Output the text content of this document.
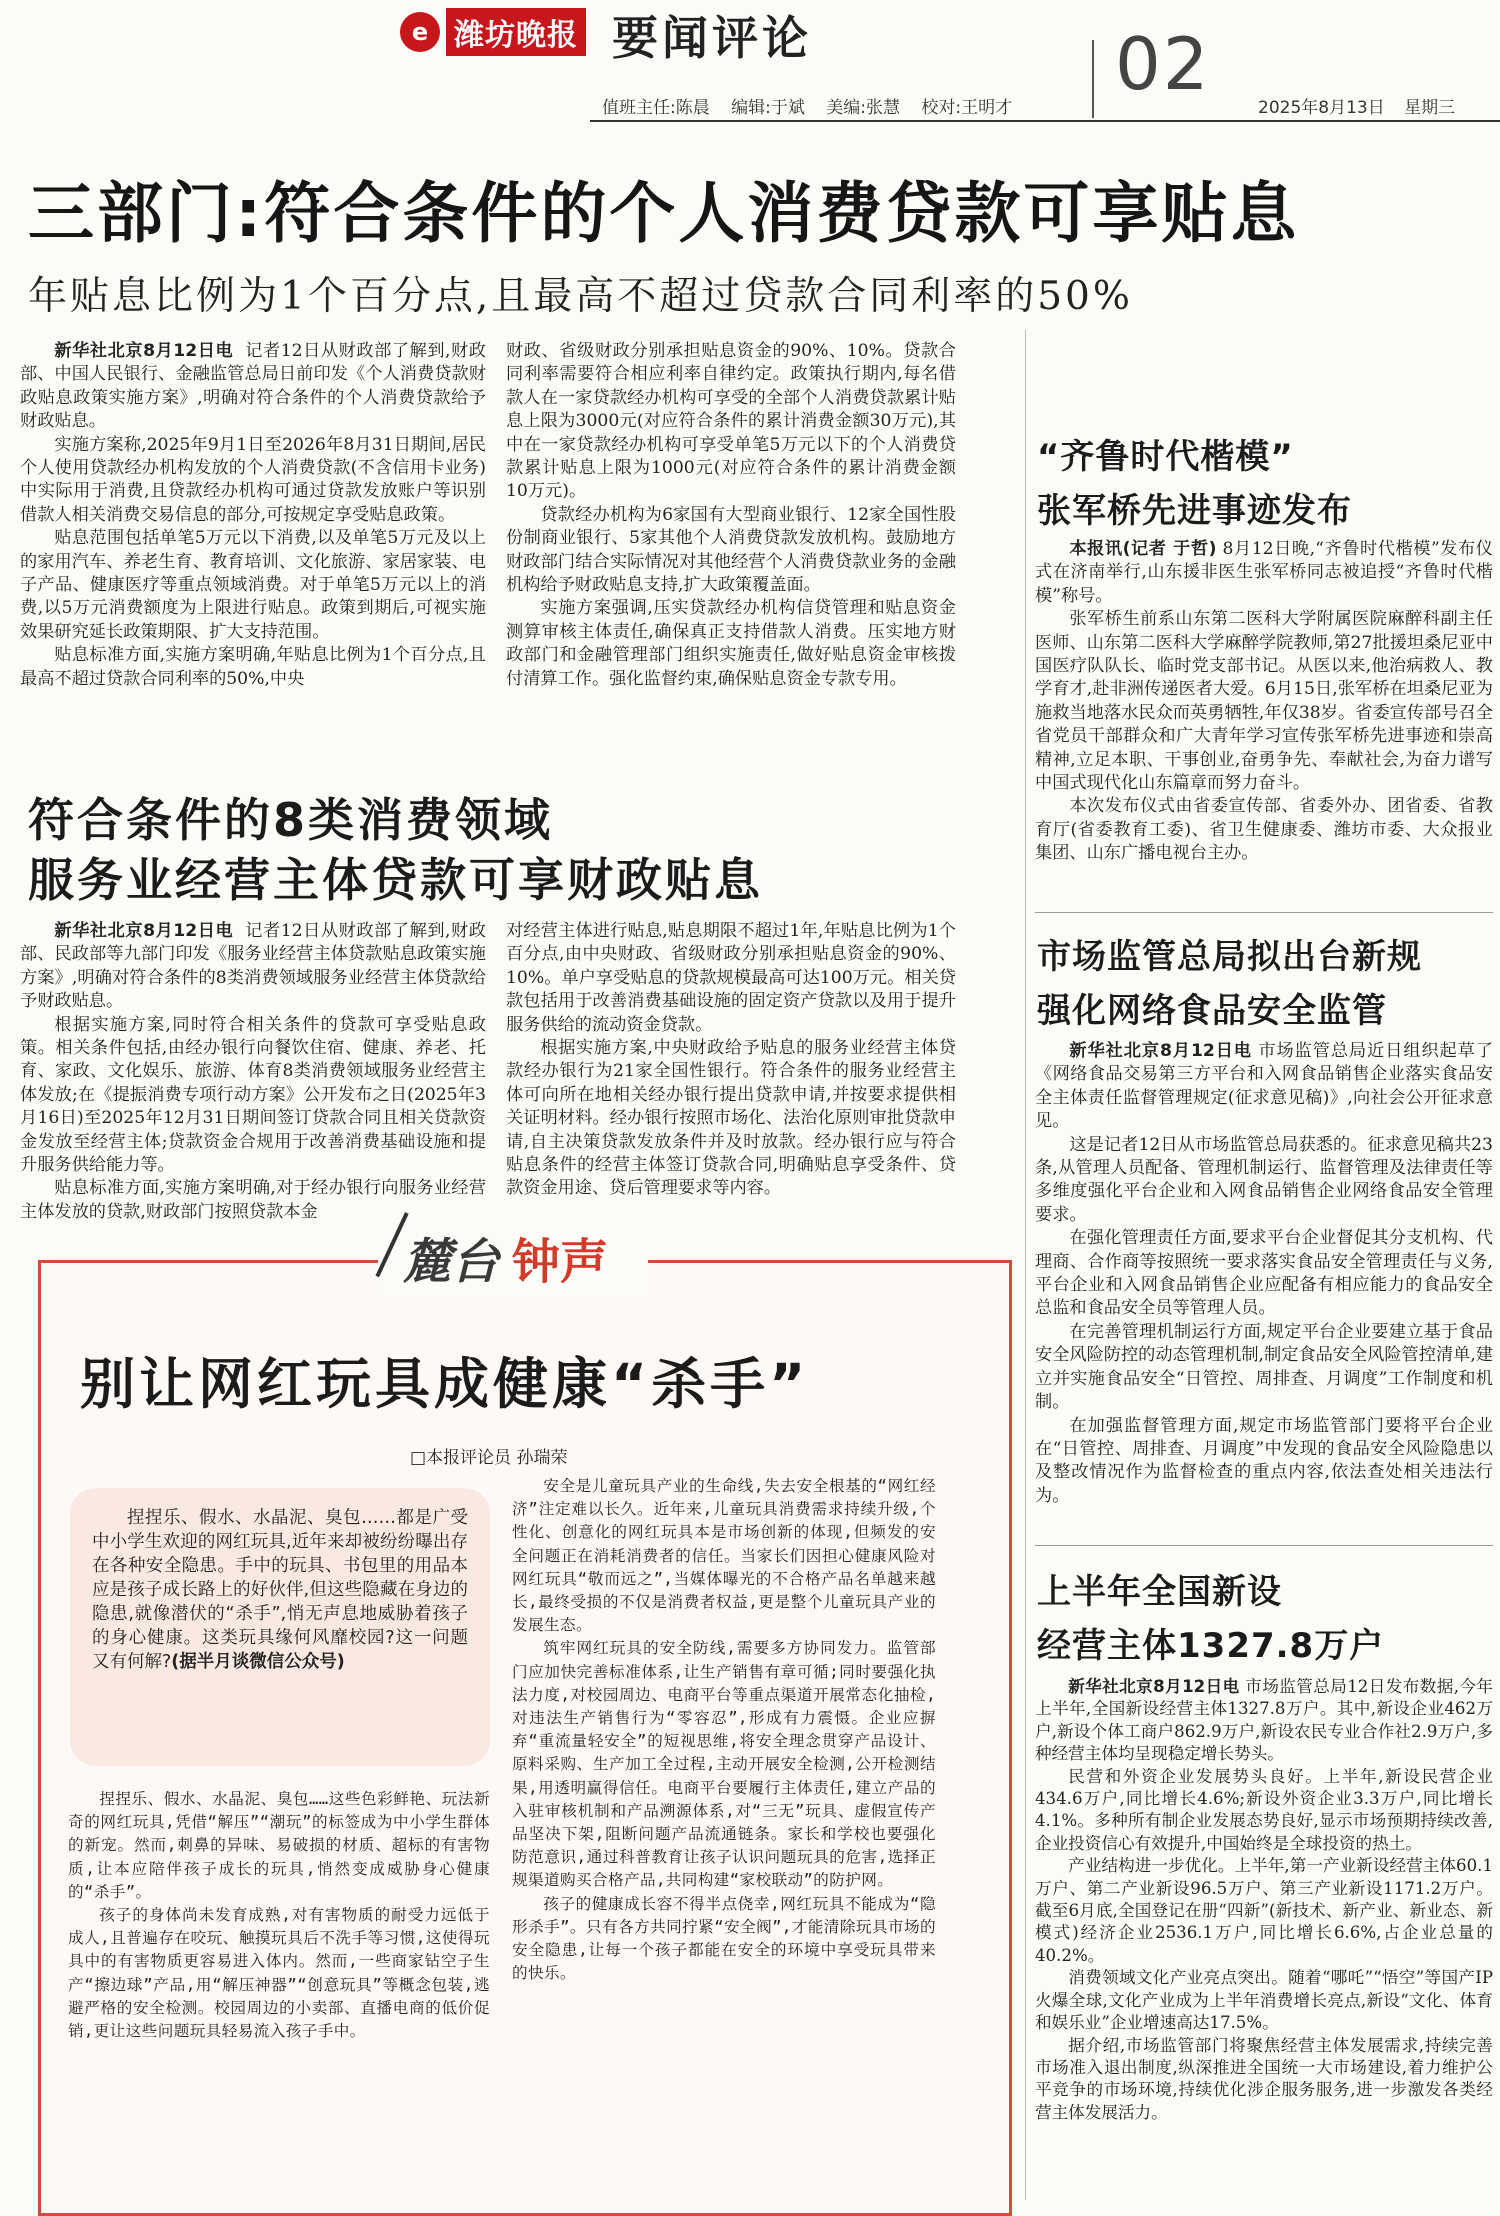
e 潍坊晚报 要闻评论	02
值班主任:陈晨 编辑:于斌 美编:张慧 校对:王明才	2025年8月13日 星期三
三部门:符合条件的个人消费贷款可享贴息
年贴息比例为1个百分点,且最高不超过贷款合同利率的50%

新华社北京8月12日电 记者12日从财政部了解到,财政部、中国人民银行、金融监管总局日前印发《个人消费贷款财政贴息政策实施方案》,明确对符合条件的个人消费贷款给予财政贴息。

实施方案称,2025年9月1日至2026年8月31日期间,居民个人使用贷款经办机构发放的个人消费贷款(不含信用卡业务)中实际用于消费,且贷款经办机构可通过贷款发放账户等识别借款人相关消费交易信息的部分,可按规定享受贴息政策。

贴息范围包括单笔5万元以下消费,以及单笔5万元及以上的家用汽车、养老生育、教育培训、文化旅游、家居家装、电子产品、健康医疗等重点领域消费。对于单笔5万元以上的消费,以5万元消费额度为上限进行贴息。政策到期后,可视实施效果研究延长政策期限、扩大支持范围。

贴息标准方面,实施方案明确,年贴息比例为1个百分点,且最高不超过贷款合同利率的50%,中央

财政、省级财政分别承担贴息资金的90%、10%。贷款合同利率需要符合相应利率自律约定。政策执行期内,每名借款人在一家贷款经办机构可享受的全部个人消费贷款累计贴息上限为3000元(对应符合条件的累计消费金额30万元),其中在一家贷款经办机构可享受单笔5万元以下的个人消费贷款累计贴息上限为1000元(对应符合条件的累计消费金额10万元)。

贷款经办机构为6家国有大型商业银行、12家全国性股份制商业银行、5家其他个人消费贷款发放机构。鼓励地方财政部门结合实际情况对其他经营个人消费贷款业务的金融机构给予财政贴息支持,扩大政策覆盖面。

实施方案强调,压实贷款经办机构信贷管理和贴息资金测算审核主体责任,确保真正支持借款人消费。压实地方财政部门和金融管理部门组织实施责任,做好贴息资金审核拨付清算工作。强化监督约束,确保贴息资金专款专用。

符合条件的8类消费领域
服务业经营主体贷款可享财政贴息

新华社北京8月12日电 记者12日从财政部了解到,财政部、民政部等九部门印发《服务业经营主体贷款贴息政策实施方案》,明确对符合条件的8类消费领域服务业经营主体贷款给予财政贴息。

根据实施方案,同时符合相关条件的贷款可享受贴息政策。相关条件包括,由经办银行向餐饮住宿、健康、养老、托育、家政、文化娱乐、旅游、体育8类消费领域服务业经营主体发放;在《提振消费专项行动方案》公开发布之日(2025年3月16日)至2025年12月31日期间签订贷款合同且相关贷款资金发放至经营主体;贷款资金合规用于改善消费基础设施和提升服务供给能力等。

贴息标准方面,实施方案明确,对于经办银行向服务业经营主体发放的贷款,财政部门按照贷款本金

对经营主体进行贴息,贴息期限不超过1年,年贴息比例为1个百分点,由中央财政、省级财政分别承担贴息资金的90%、10%。单户享受贴息的贷款规模最高可达100万元。相关贷款包括用于改善消费基础设施的固定资产贷款以及用于提升服务供给的流动资金贷款。

根据实施方案,中央财政给予贴息的服务业经营主体贷款经办银行为21家全国性银行。符合条件的服务业经营主体可向所在地相关经办银行提出贷款申请,并按要求提供相关证明材料。经办银行按照市场化、法治化原则审批贷款申请,自主决策贷款发放条件并及时放款。经办银行应与符合贴息条件的经营主体签订贷款合同,明确贴息享受条件、贷款资金用途、贷后管理要求等内容。

麓台 钟声
别让网红玩具成健康“杀手”
□本报评论员 孙瑞荣
捏捏乐、假水、水晶泥、臭包……都是广受中小学生欢迎的网红玩具,近年来却被纷纷曝出存在各种安全隐患。手中的玩具、书包里的用品本应是孩子成长路上的好伙伴,但这些隐藏在身边的隐患,就像潜伏的“杀手”,悄无声息地威胁着孩子的身心健康。这类玩具缘何风靡校园?这一问题又有何解?(据半月谈微信公众号)

捏捏乐、假水、水晶泥、臭包……这些色彩鲜艳、玩法新奇的网红玩具,凭借“解压”“潮玩”的标签成为中小学生群体的新宠。然而,刺鼻的异味、易破损的材质、超标的有害物质,让本应陪伴孩子成长的玩具,悄然变成威胁身心健康的“杀手”。

孩子的身体尚未发育成熟,对有害物质的耐受力远低于成人,且普遍存在咬玩、触摸玩具后不洗手等习惯,这使得玩具中的有害物质更容易进入体内。然而,一些商家钻空子生产“擦边球”产品,用“解压神器”“创意玩具”等概念包装,逃避严格的安全检测。校园周边的小卖部、直播电商的低价促销,更让这些问题玩具轻易流入孩子手中。

安全是儿童玩具产业的生命线,失去安全根基的“网红经济”注定难以长久。近年来,儿童玩具消费需求持续升级,个性化、创意化的网红玩具本是市场创新的体现,但频发的安全问题正在消耗消费者的信任。当家长们因担心健康风险对网红玩具“敬而远之”,当媒体曝光的不合格产品名单越来越长,最终受损的不仅是消费者权益,更是整个儿童玩具产业的发展生态。

筑牢网红玩具的安全防线,需要多方协同发力。监管部门应加快完善标准体系,让生产销售有章可循;同时要强化执法力度,对校园周边、电商平台等重点渠道开展常态化抽检,对违法生产销售行为“零容忍”,形成有力震慑。企业应摒弃“重流量轻安全”的短视思维,将安全理念贯穿产品设计、原料采购、生产加工全过程,主动开展安全检测,公开检测结果,用透明赢得信任。电商平台要履行主体责任,建立产品的入驻审核机制和产品溯源体系,对“三无”玩具、虚假宣传产品坚决下架,阻断问题产品流通链条。家长和学校也要强化防范意识,通过科普教育让孩子认识问题玩具的危害,选择正规渠道购买合格产品,共同构建“家校联动”的防护网。

孩子的健康成长容不得半点侥幸,网红玩具不能成为“隐形杀手”。只有各方共同拧紧“安全阀”,才能清除玩具市场的安全隐患,让每一个孩子都能在安全的环境中享受玩具带来的快乐。

“齐鲁时代楷模”
张军桥先进事迹发布

本报讯(记者 于哲) 8月12日晚,“齐鲁时代楷模”发布仪式在济南举行,山东援非医生张军桥同志被追授“齐鲁时代楷模”称号。

张军桥生前系山东第二医科大学附属医院麻醉科副主任医师、山东第二医科大学麻醉学院教师,第27批援坦桑尼亚中国医疗队队长、临时党支部书记。从医以来,他治病救人、教学育才,赴非洲传递医者大爱。6月15日,张军桥在坦桑尼亚为施救当地落水民众而英勇牺牲,年仅38岁。省委宣传部号召全省党员干部群众和广大青年学习宣传张军桥先进事迹和崇高精神,立足本职、干事创业,奋勇争先、奉献社会,为奋力谱写中国式现代化山东篇章而努力奋斗。

本次发布仪式由省委宣传部、省委外办、团省委、省教育厅(省委教育工委)、省卫生健康委、潍坊市委、大众报业集团、山东广播电视台主办。

市场监管总局拟出台新规
强化网络食品安全监管

新华社北京8月12日电 市场监管总局近日组织起草了《网络食品交易第三方平台和入网食品销售企业落实食品安全主体责任监督管理规定(征求意见稿)》,向社会公开征求意见。

这是记者12日从市场监管总局获悉的。征求意见稿共23条,从管理人员配备、管理机制运行、监督管理及法律责任等多维度强化平台企业和入网食品销售企业网络食品安全管理要求。

在强化管理责任方面,要求平台企业督促其分支机构、代理商、合作商等按照统一要求落实食品安全管理责任与义务,平台企业和入网食品销售企业应配备有相应能力的食品安全总监和食品安全员等管理人员。

在完善管理机制运行方面,规定平台企业要建立基于食品安全风险防控的动态管理机制,制定食品安全风险管控清单,建立并实施食品安全“日管控、周排查、月调度”工作制度和机制。

在加强监督管理方面,规定市场监管部门要将平台企业在“日管控、周排查、月调度”中发现的食品安全风险隐患以及整改情况作为监督检查的重点内容,依法查处相关违法行为。

上半年全国新设
经营主体1327.8万户

新华社北京8月12日电 市场监管总局12日发布数据,今年上半年,全国新设经营主体1327.8万户。其中,新设企业462万户,新设个体工商户862.9万户,新设农民专业合作社2.9万户,多种经营主体均呈现稳定增长势头。

民营和外资企业发展势头良好。上半年,新设民营企业434.6万户,同比增长4.6%;新设外资企业3.3万户,同比增长4.1%。多种所有制企业发展态势良好,显示市场预期持续改善,企业投资信心有效提升,中国始终是全球投资的热土。

产业结构进一步优化。上半年,第一产业新设经营主体60.1万户、第二产业新设96.5万户、第三产业新设1171.2万户。截至6月底,全国登记在册“四新”(新技术、新产业、新业态、新模式)经济企业2536.1万户,同比增长6.6%,占企业总量的40.2%。

消费领域文化产业亮点突出。随着“哪吒”“悟空”等国产IP火爆全球,文化产业成为上半年消费增长亮点,新设“文化、体育和娱乐业”企业增速高达17.5%。

据介绍,市场监管部门将聚焦经营主体发展需求,持续完善市场准入退出制度,纵深推进全国统一大市场建设,着力维护公平竞争的市场环境,持续优化涉企服务服务,进一步激发各类经营主体发展活力。
